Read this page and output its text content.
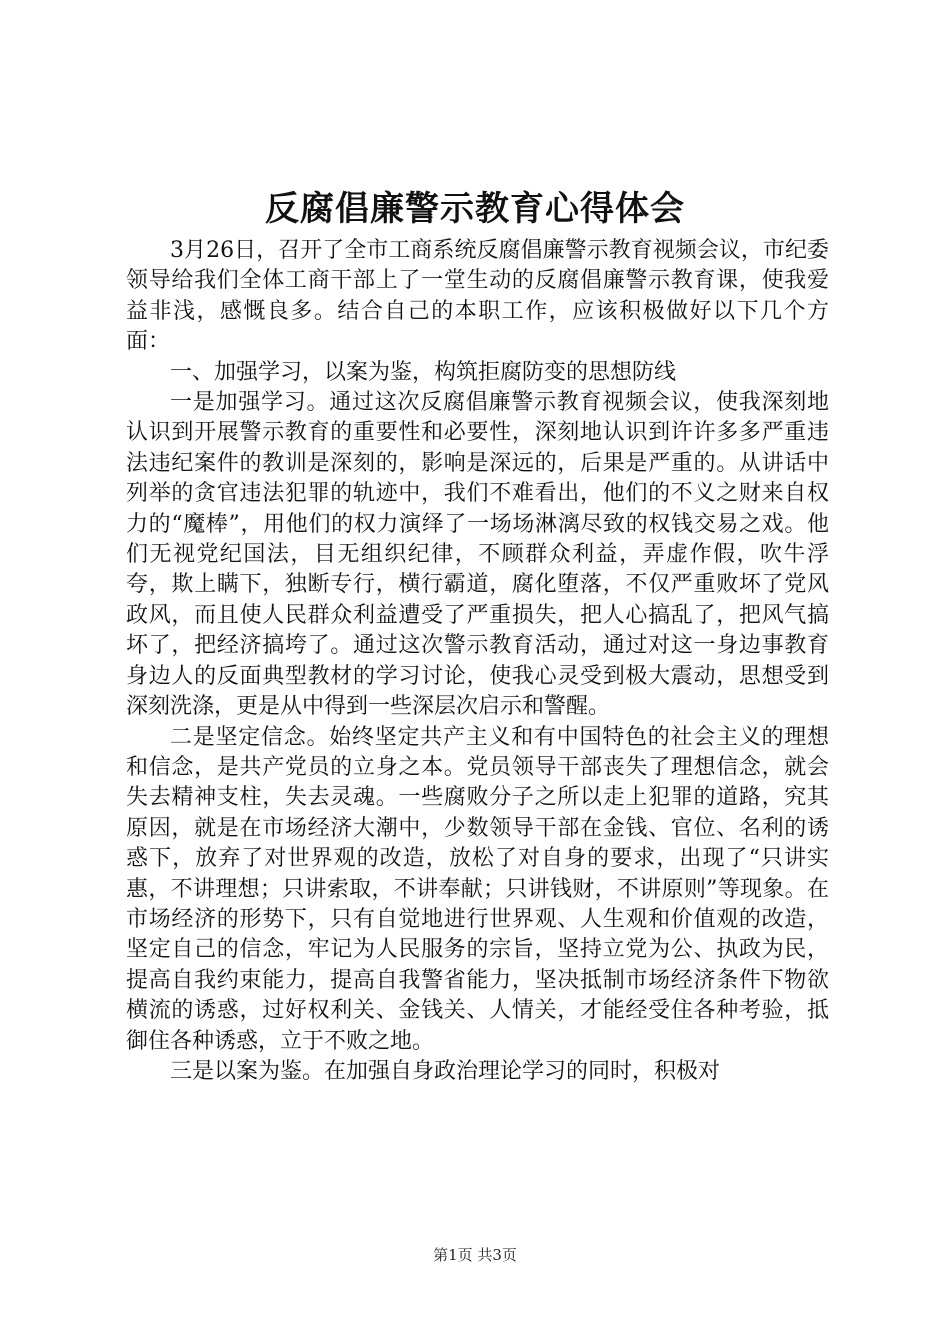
反腐倡廉警示教育心得体会

3月26日，召开了全市工商系统反腐倡廉警示教育视频会议，市纪委领导给我们全体工商干部上了一堂生动的反腐倡廉警示教育课，使我爱益非浅，感慨良多。结合自己的本职工作，应该积极做好以下几个方面：

一、加强学习，以案为鉴，构筑拒腐防变的思想防线

一是加强学习。通过这次反腐倡廉警示教育视频会议，使我深刻地认识到开展警示教育的重要性和必要性，深刻地认识到许许多多严重违法违纪案件的教训是深刻的，影响是深远的，后果是严重的。从讲话中列举的贪官违法犯罪的轨迹中，我们不难看出，他们的不义之财来自权力的“魔棒”，用他们的权力演绎了一场场淋漓尽致的权钱交易之戏。他们无视党纪国法，目无组织纪律，不顾群众利益，弄虚作假，吹牛浮夸，欺上瞒下，独断专行，横行霸道，腐化堕落，不仅严重败坏了党风政风，而且使人民群众利益遭受了严重损失，把人心搞乱了，把风气搞坏了，把经济搞垮了。通过这次警示教育活动，通过对这一身边事教育身边人的反面典型教材的学习讨论，使我心灵受到极大震动，思想受到深刻洗涤，更是从中得到一些深层次启示和警醒。

二是坚定信念。始终坚定共产主义和有中国特色的社会主义的理想和信念，是共产党员的立身之本。党员领导干部丧失了理想信念，就会失去精神支柱，失去灵魂。一些腐败分子之所以走上犯罪的道路，究其原因，就是在市场经济大潮中，少数领导干部在金钱、官位、名利的诱惑下，放弃了对世界观的改造，放松了对自身的要求，出现了“只讲实惠，不讲理想；只讲索取，不讲奉献；只讲钱财，不讲原则”等现象。在市场经济的形势下，只有自觉地进行世界观、人生观和价值观的改造，坚定自己的信念，牢记为人民服务的宗旨，坚持立党为公、执政为民，提高自我约束能力，提高自我警省能力，坚决抵制市场经济条件下物欲横流的诱惑，过好权利关、金钱关、人情关，才能经受住各种考验，抵御住各种诱惑，立于不败之地。

三是以案为鉴。在加强自身政治理论学习的同时，积极对

第1页 共3页
